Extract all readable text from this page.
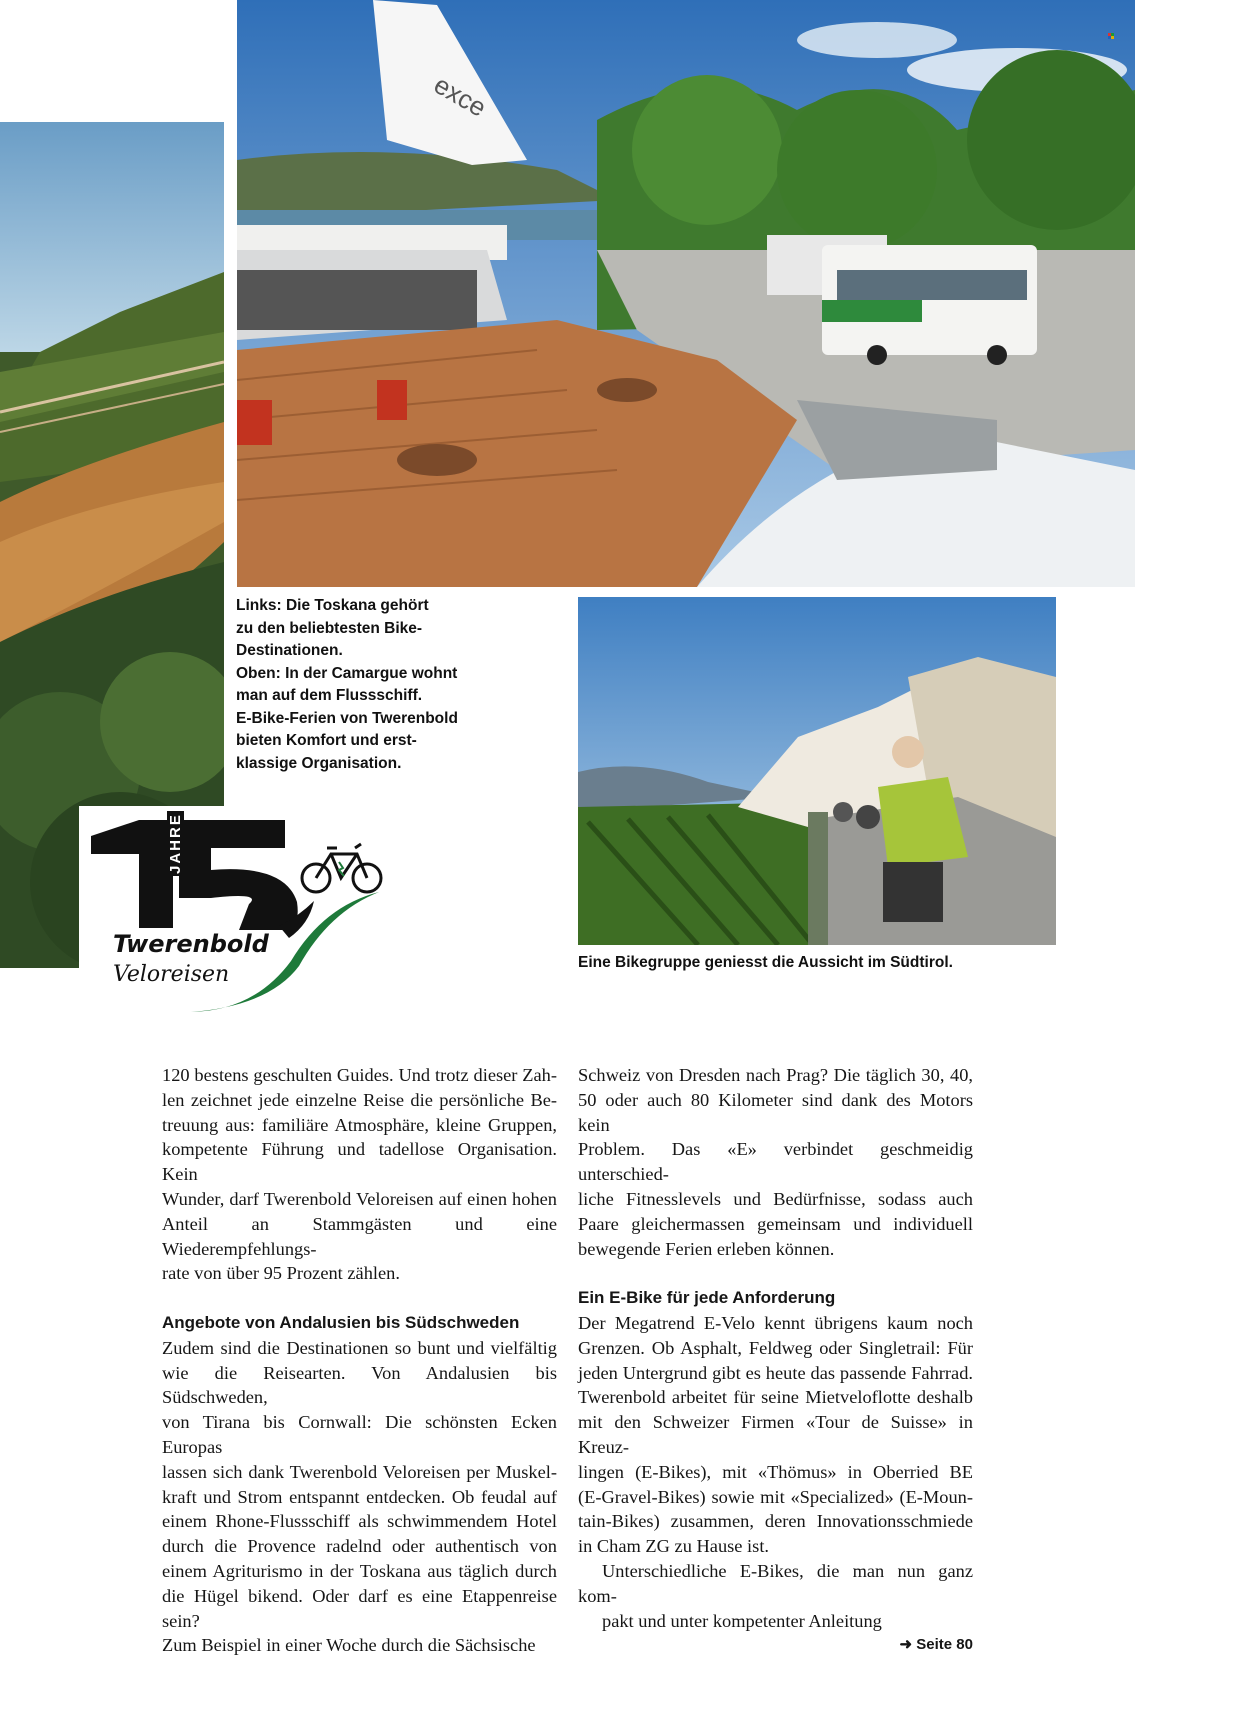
exce
Links: Die Toskana gehört
zu den beliebtesten Bike-
Destinationen.
Oben: In der Camargue wohnt
man auf dem Flussschiff.
E-Bike-Ferien von Twerenbold
bieten Komfort und erst-
klassige Organisation.
Eine Bikegruppe geniesst die Aussicht im Südtirol.
JAHRE
Twerenbold
Veloreisen

120 bestens geschulten Guides. Und trotz dieser Zah-
len zeichnet jede einzelne Reise die persönliche Be-
treuung aus: familiäre Atmosphäre, kleine Gruppen,
kompetente Führung und tadellose Organisation. Kein
Wunder, darf Twerenbold Veloreisen auf einen hohen
Anteil an Stammgästen und eine Wiederempfehlungs-
rate von über 95 Prozent zählen.

Angebote von Andalusien bis Südschweden

Zudem sind die Destinationen so bunt und vielfältig
wie die Reisearten. Von Andalusien bis Südschweden,
von Tirana bis Cornwall: Die schönsten Ecken Europas
lassen sich dank Twerenbold Veloreisen per Muskel-
kraft und Strom entspannt entdecken. Ob feudal auf
einem Rhone-Flussschiff als schwimmendem Hotel
durch die Provence radelnd oder authentisch von
einem Agriturismo in der Toskana aus täglich durch
die Hügel bikend. Oder darf es eine Etappenreise sein?
Zum Beispiel in einer Woche durch die Sächsische

Schweiz von Dresden nach Prag? Die täglich 30, 40,
50 oder auch 80 Kilometer sind dank des Motors kein
Problem. Das «E» verbindet geschmeidig unterschied-
liche Fitnesslevels und Bedürfnisse, sodass auch
Paare gleichermassen gemeinsam und individuell
bewegende Ferien erleben können.

Ein E-Bike für jede Anforderung

Der Megatrend E-Velo kennt übrigens kaum noch
Grenzen. Ob Asphalt, Feldweg oder Singletrail: Für
jeden Untergrund gibt es heute das passende Fahrrad.
Twerenbold arbeitet für seine Mietveloflotte deshalb
mit den Schweizer Firmen «Tour de Suisse» in Kreuz-
lingen (E-Bikes), mit «Thömus» in Oberried BE
(E-Gravel-Bikes) sowie mit «Specialized» (E-Moun-
tain-Bikes) zusammen, deren Innovationsschmiede
in Cham ZG zu Hause ist.

Unterschiedliche E-Bikes, die man nun ganz kom-
pakt und unter kompetenter Anleitung
➜ Seite 80
